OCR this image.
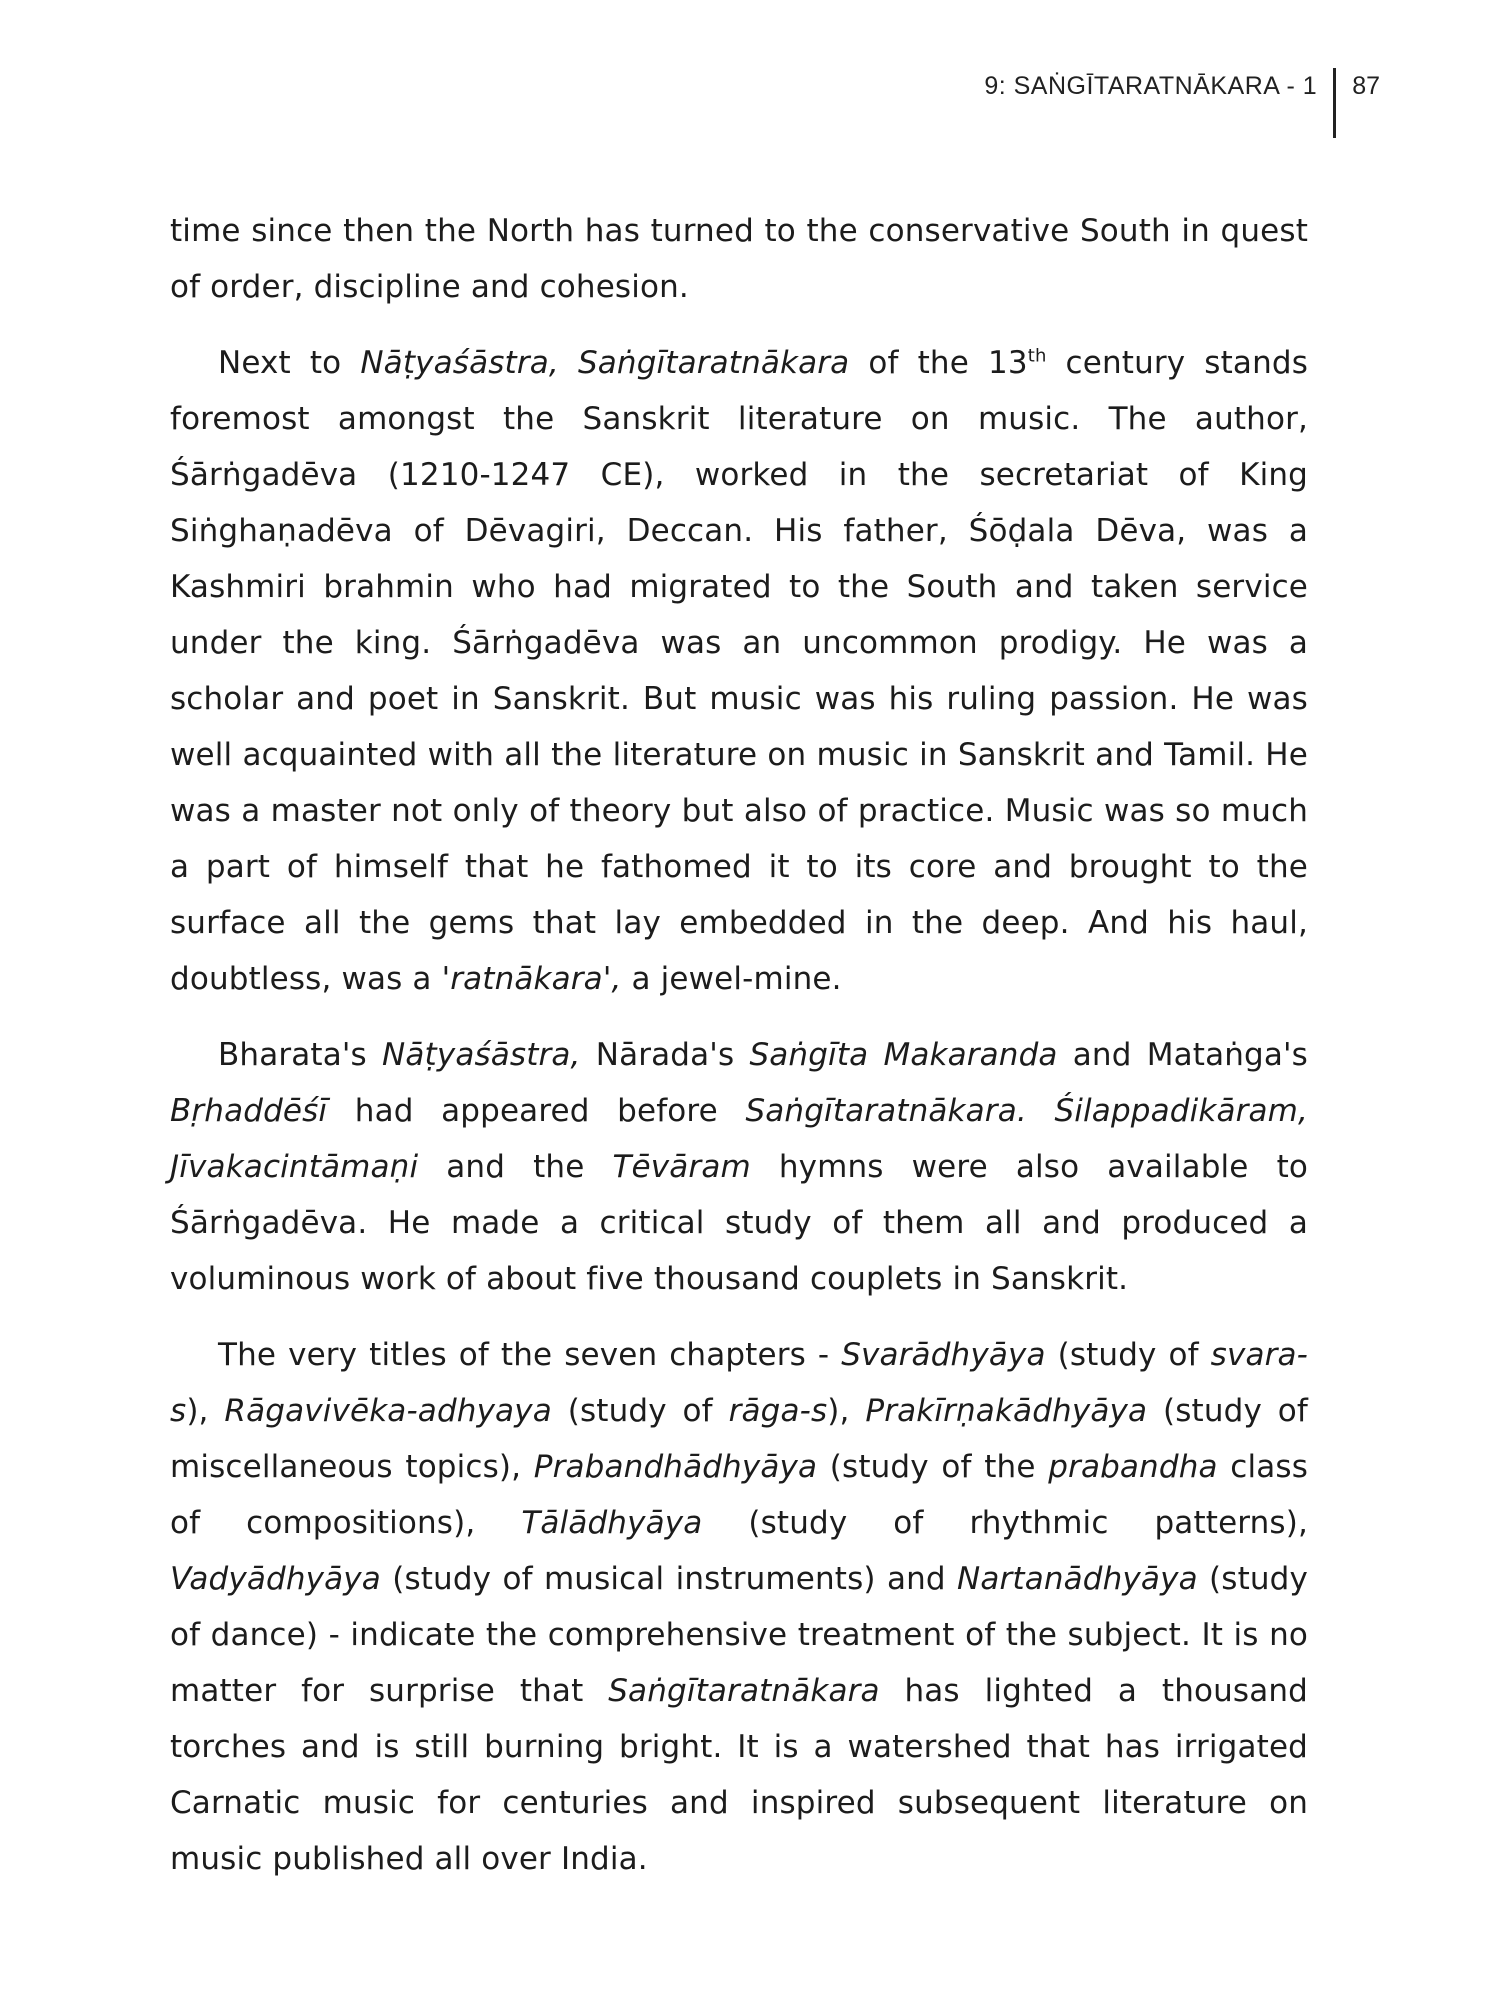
9: SAṄGĪTARATNĀKARA - 1	87

time since then the North has turned to the conservative South in quest of order, discipline and cohesion.

Next to Nāṭyaśāstra, Saṅgītaratnākara of the 13th century stands foremost amongst the Sanskrit literature on music. The author, Śārṅgadēva (1210-1247 CE), worked in the secretariat of King Siṅghaṇadēva of Dēvagiri, Deccan. His father, Śōḍala Dēva, was a Kashmiri brahmin who had migrated to the South and taken service under the king. Śārṅgadēva was an uncommon prodigy. He was a scholar and poet in Sanskrit. But music was his ruling passion. He was well acquainted with all the literature on music in Sanskrit and Tamil. He was a master not only of theory but also of practice. Music was so much a part of himself that he fathomed it to its core and brought to the surface all the gems that lay embedded in the deep. And his haul, doubtless, was a 'ratnākara', a jewel-mine.

Bharata's Nāṭyaśāstra, Nārada's Saṅgīta Makaranda and Mataṅga's Bṛhaddēśī had appeared before Saṅgītaratnākara. Śilappadikāram, Jīvakacintāmaṇi and the Tēvāram hymns were also available to Śārṅgadēva. He made a critical study of them all and produced a voluminous work of about five thousand couplets in Sanskrit.

The very titles of the seven chapters - Svarādhyāya (study of svara-s), Rāgavivēka-adhyaya (study of rāga-s), Prakīrṇakādhyāya (study of miscellaneous topics), Prabandhādhyāya (study of the prabandha class of compositions), Tālādhyāya (study of rhythmic patterns), Vadyādhyāya (study of musical instruments) and Nartanādhyāya (study of dance) - indicate the comprehensive treatment of the subject. It is no matter for surprise that Saṅgītaratnākara has lighted a thousand torches and is still burning bright. It is a watershed that has irrigated Carnatic music for centuries and inspired subsequent literature on music published all over India.
